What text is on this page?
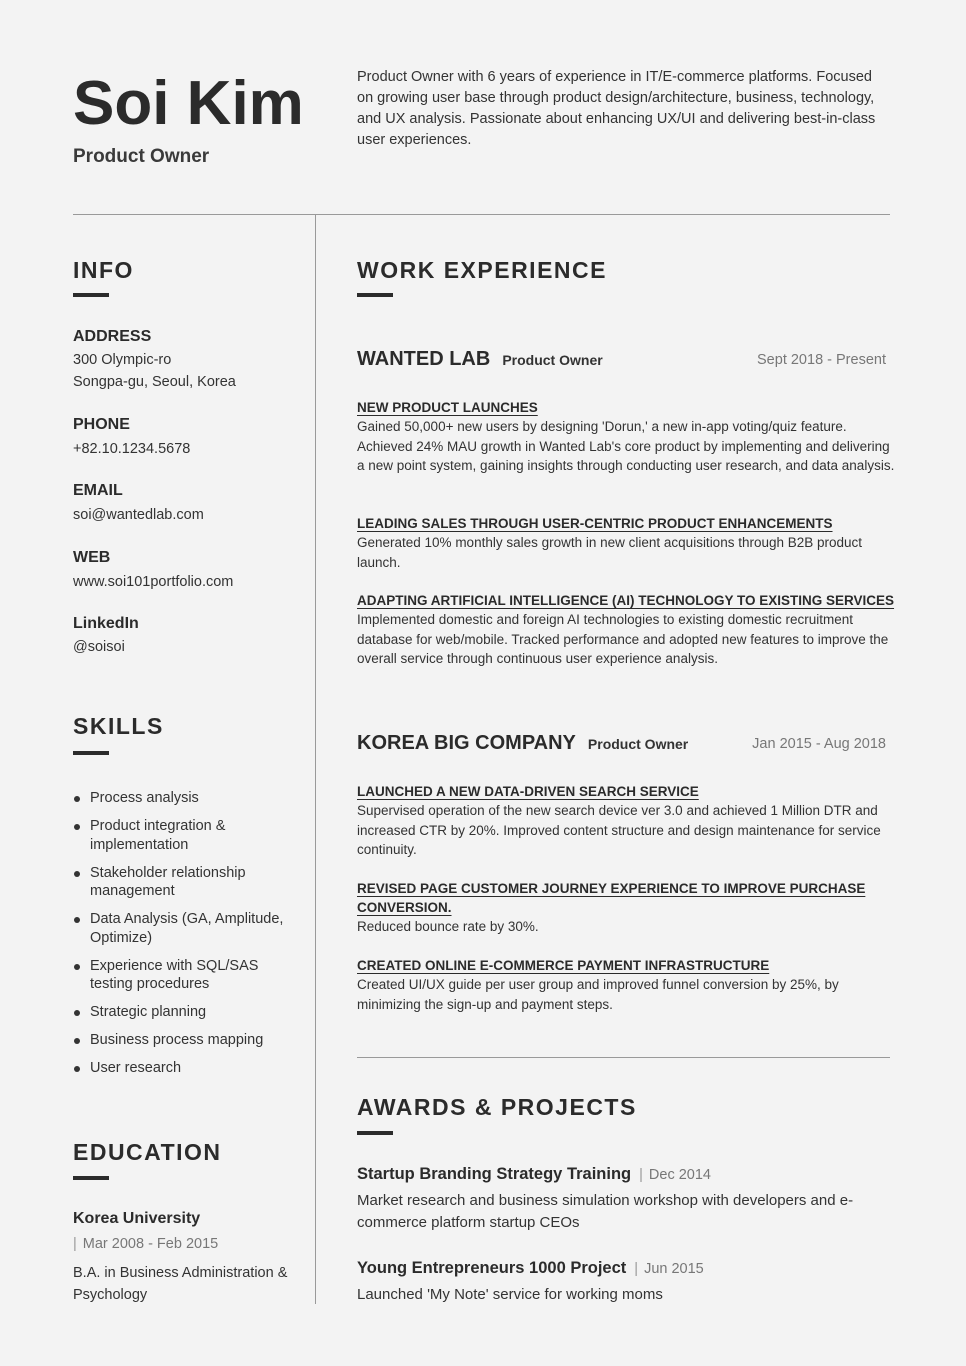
Soi Kim
Product Owner
Product Owner with 6 years of experience in IT/E-commerce platforms. Focused on growing user base through product design/architecture, business, technology, and UX analysis. Passionate about enhancing UX/UI and delivering best-in-class user experiences.
INFO
ADDRESS
300 Olympic-ro
Songpa-gu, Seoul, Korea
PHONE
+82.10.1234.5678
EMAIL
soi@wantedlab.com
WEB
www.soi101portfolio.com
LinkedIn
@soisoi
SKILLS
Process analysis
Product integration & implementation
Stakeholder relationship management
Data Analysis (GA, Amplitude, Optimize)
Experience with SQL/SAS testing procedures
Strategic planning
Business process mapping
User research
EDUCATION
Korea University
| Mar 2008 - Feb 2015
B.A. in Business Administration & Psychology
WORK EXPERIENCE
WANTED LAB Product Owner	Sept 2018 - Present
NEW PRODUCT LAUNCHES
Gained 50,000+ new users by designing 'Dorun,' a new in-app voting/quiz feature. Achieved 24% MAU growth in Wanted Lab's core product by implementing and delivering a new point system, gaining insights through conducting user research, and data analysis.
LEADING SALES THROUGH USER-CENTRIC PRODUCT ENHANCEMENTS
Generated 10% monthly sales growth in new client acquisitions through B2B product launch.
ADAPTING ARTIFICIAL INTELLIGENCE (AI) TECHNOLOGY TO EXISTING SERVICES
Implemented domestic and foreign AI technologies to existing domestic recruitment database for web/mobile. Tracked performance and adopted new features to improve the overall service through continuous user experience analysis.
KOREA BIG COMPANY Product Owner	Jan 2015 - Aug 2018
LAUNCHED A NEW DATA-DRIVEN SEARCH SERVICE
Supervised operation of the new search device ver 3.0 and achieved 1 Million DTR and increased CTR by 20%. Improved content structure and design maintenance for service continuity.
REVISED PAGE CUSTOMER JOURNEY EXPERIENCE TO IMPROVE PURCHASE CONVERSION.
Reduced bounce rate by 30%.
CREATED ONLINE E-COMMERCE PAYMENT INFRASTRUCTURE
Created UI/UX guide per user group and improved funnel conversion by 25%, by minimizing the sign-up and payment steps.
AWARDS & PROJECTS
Startup Branding Strategy Training | Dec 2014
Market research and business simulation workshop with developers and e-commerce platform startup CEOs
Young Entrepreneurs 1000 Project | Jun 2015
Launched 'My Note' service for working moms
